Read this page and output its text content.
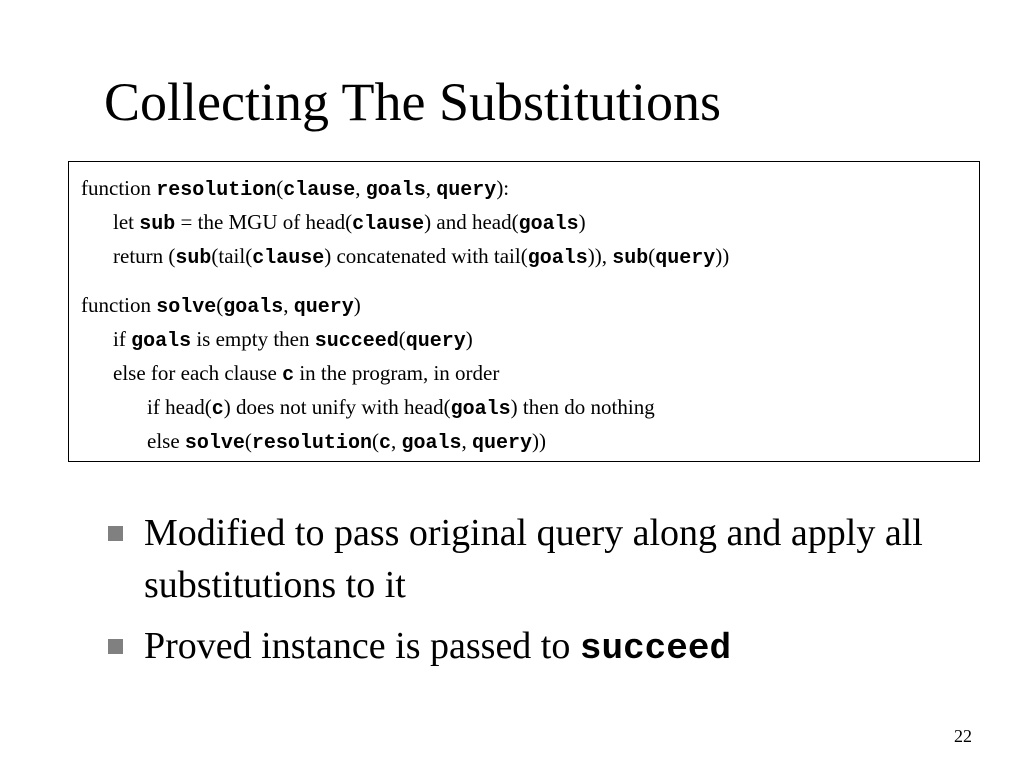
Collecting The Substitutions
function resolution(clause, goals, query):
let sub = the MGU of head(clause) and head(goals)
return (sub(tail(clause) concatenated with tail(goals)), sub(query))
function solve(goals, query)
if goals is empty then succeed(query)
else for each clause c in the program, in order
if head(c) does not unify with head(goals) then do nothing
else solve(resolution(c, goals, query))
Modified to pass original query along and apply all substitutions to it
Proved instance is passed to succeed
22
